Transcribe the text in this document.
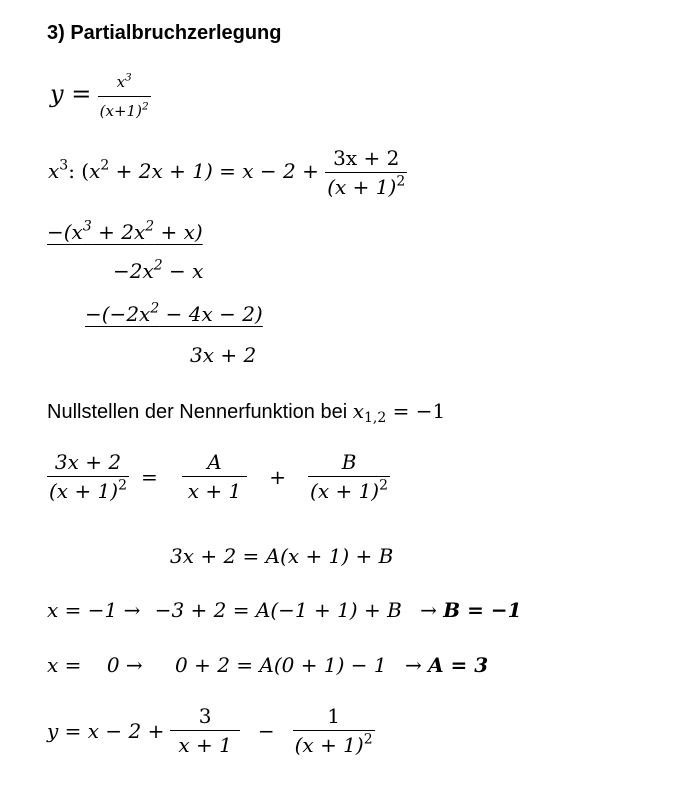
3) Partialbruchzerlegung
$y = \frac{x^3}{(x+1)^2}$
$x^3$: $(x^2 + 2x + 1) = x - 2 + \frac{3x + 2}{(x + 1)^2}$
$-(x^3 + 2x^2 + x)$
$-2x^2 - x$
$-(-2x^2 - 4x - 2)$
3x + 2
Nullstellen der Nennerfunktion bei $x_{1,2} = -1$
$\frac{3x + 2}{(x + 1)^2} = \frac{A}{x + 1} + \frac{B}{(x + 1)^2}$
3x + 2 = A(x + 1) + B
x = −1 → −3 + 2 = A(−1 + 1) + B → B = −1
x =    0 → 0 + 2 = A(0 + 1) − 1 → A = 3
$y = x - 2 + \frac{3}{x + 1} - \frac{1}{(x + 1)^2}$
